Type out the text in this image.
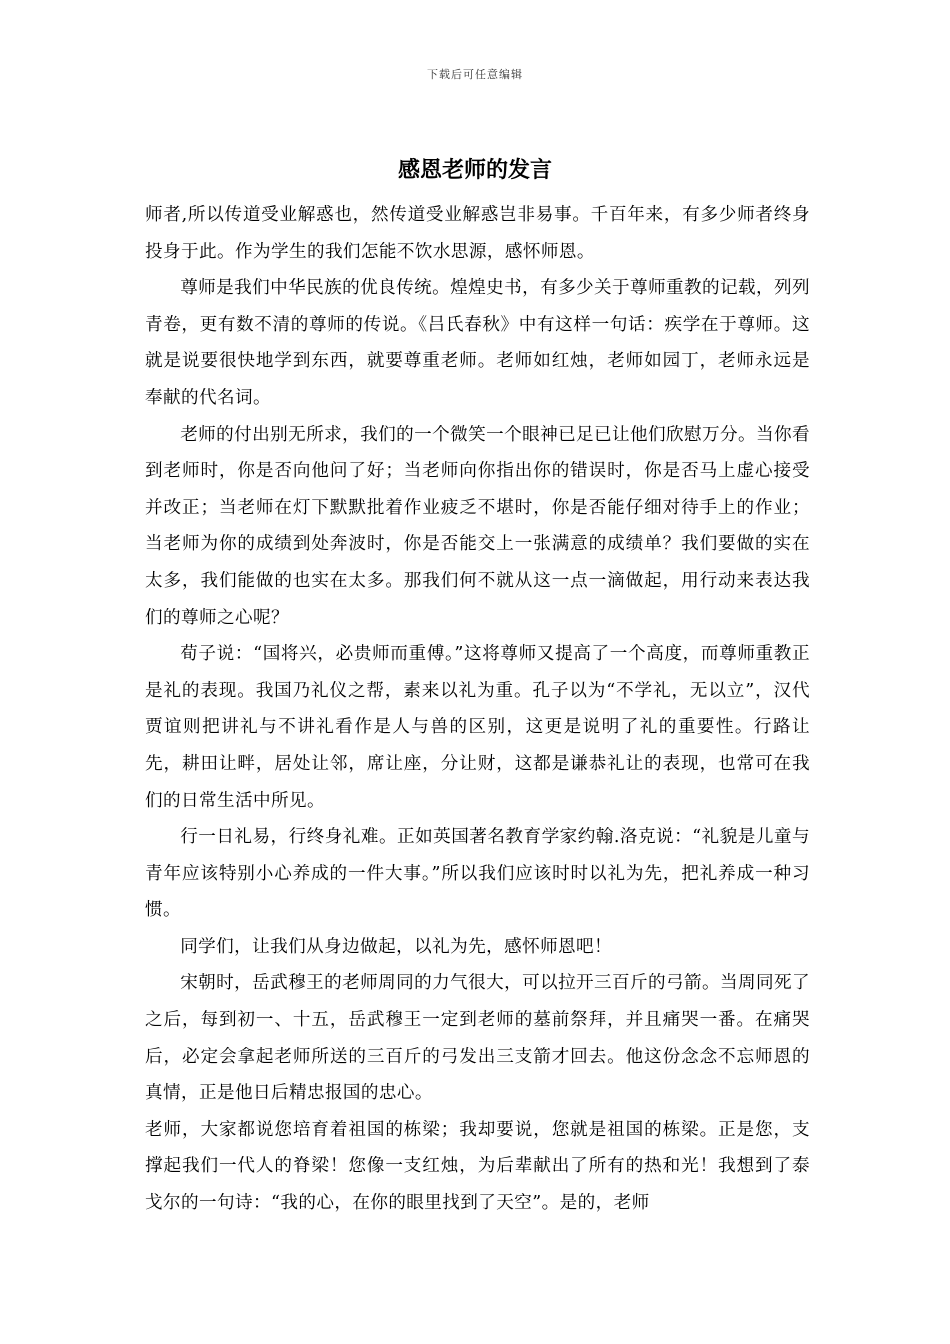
下载后可任意编辑
感恩老师的发言

师者,所以传道受业解惑也，然传道受业解惑岂非易事。千百年来，有多少师者终身投身于此。作为学生的我们怎能不饮水思源，感怀师恩。

尊师是我们中华民族的优良传统。煌煌史书，有多少关于尊师重教的记载，列列青卷，更有数不清的尊师的传说。《吕氏春秋》中有这样一句话：疾学在于尊师。这就是说要很快地学到东西，就要尊重老师。老师如红烛，老师如园丁，老师永远是奉献的代名词。

老师的付出别无所求，我们的一个微笑一个眼神已足已让他们欣慰万分。当你看到老师时，你是否向他问了好；当老师向你指出你的错误时，你是否马上虚心接受并改正；当老师在灯下默默批着作业疲乏不堪时，你是否能仔细对待手上的作业；当老师为你的成绩到处奔波时，你是否能交上一张满意的成绩单？我们要做的实在太多，我们能做的也实在太多。那我们何不就从这一点一滴做起，用行动来表达我们的尊师之心呢？

荀子说：“国将兴，必贵师而重傅。”这将尊师又提高了一个高度，而尊师重教正是礼的表现。我国乃礼仪之帮，素来以礼为重。孔子以为“不学礼，无以立”，汉代贾谊则把讲礼与不讲礼看作是人与兽的区别，这更是说明了礼的重要性。行路让先，耕田让畔，居处让邻，席让座，分让财，这都是谦恭礼让的表现，也常可在我们的日常生活中所见。

行一日礼易，行终身礼难。正如英国著名教育学家约翰.洛克说：“礼貌是儿童与青年应该特别小心养成的一件大事。”所以我们应该时时以礼为先，把礼养成一种习惯。

同学们，让我们从身边做起，以礼为先，感怀师恩吧！

宋朝时，岳武穆王的老师周同的力气很大，可以拉开三百斤的弓箭。当周同死了之后，每到初一、十五，岳武穆王一定到老师的墓前祭拜，并且痛哭一番。在痛哭后，必定会拿起老师所送的三百斤的弓发出三支箭才回去。他这份念念不忘师恩的真情，正是他日后精忠报国的忠心。

老师，大家都说您培育着祖国的栋梁；我却要说，您就是祖国的栋梁。正是您，支撑起我们一代人的脊梁！您像一支红烛，为后辈献出了所有的热和光！我想到了泰戈尔的一句诗：“我的心，在你的眼里找到了天空”。是的，老师
